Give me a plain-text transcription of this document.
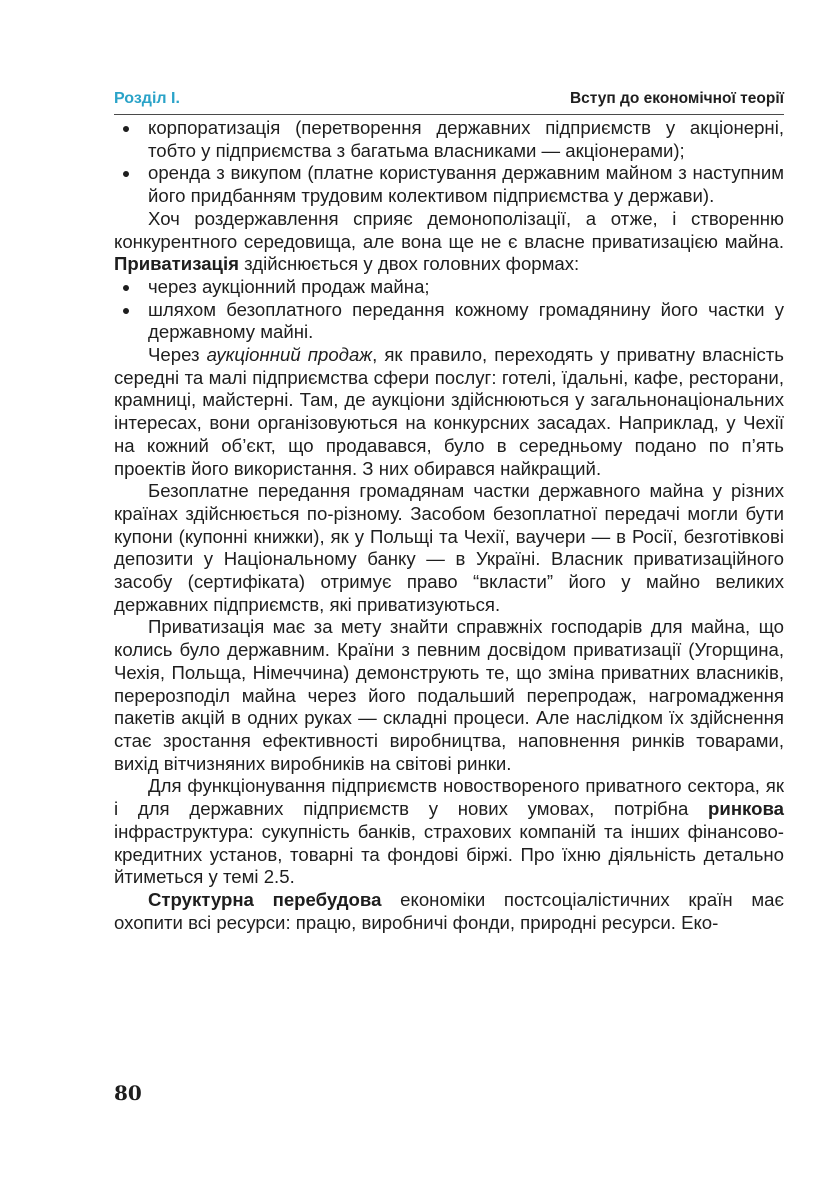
Розділ I.	Вступ до економічної теорії

корпоратизація (перетворення державних підприємств у акціонерні, тобто у підприємства з багатьма власниками — акціонерами);

оренда з викупом (платне користування державним майном з наступним його придбанням трудовим колективом підприємства у держави).

Хоч роздержавлення сприяє демонополізації, а отже, і створенню конкурентного середовища, але вона ще не є власне приватизацією майна. Приватизація здійснюється у двох головних формах:

через аукціонний продаж майна;

шляхом безоплатного передання кожному громадянину його частки у державному майні.

Через аукціонний продаж, як правило, переходять у приватну власність середні та малі підприємства сфери послуг: готелі, їдальні, кафе, ресторани, крамниці, майстерні. Там, де аукціони здійснюються у загальнонаціональних інтересах, вони організовуються на конкурсних засадах. Наприклад, у Чехії на кожний об’єкт, що продавався, було в середньому подано по п’ять проектів його використання. З них обирався найкращий.

Безоплатне передання громадянам частки державного майна у різних країнах здійснюється по-різному. Засобом безоплатної передачі могли бути купони (купонні книжки), як у Польщі та Чехії, ваучери — в Росії, безготівкові депозити у Національному банку — в Україні. Власник приватизаційного засобу (сертифіката) отримує право “вкласти” його у майно великих державних підприємств, які приватизуються.

Приватизація має за мету знайти справжніх господарів для майна, що колись було державним. Країни з певним досвідом приватизації (Угорщина, Чехія, Польща, Німеччина) демонструють те, що зміна приватних власників, перерозподіл майна через його подальший перепродаж, нагромадження пакетів акцій в одних руках — складні процеси. Але наслідком їх здійснення стає зростання ефективності виробництва, наповнення ринків товарами, вихід вітчизняних виробників на світові ринки.

Для функціонування підприємств новоствореного приватного сектора, як і для державних підприємств у нових умовах, потрібна ринкова інфраструктура: сукупність банків, страхових компаній та інших фінансово-кредитних установ, товарні та фондові біржі. Про їхню діяльність детально йтиметься у темі 2.5.

Структурна перебудова економіки постсоціалістичних країн має охопити всі ресурси: працю, виробничі фонди, природні ресурси. Еко-

80
